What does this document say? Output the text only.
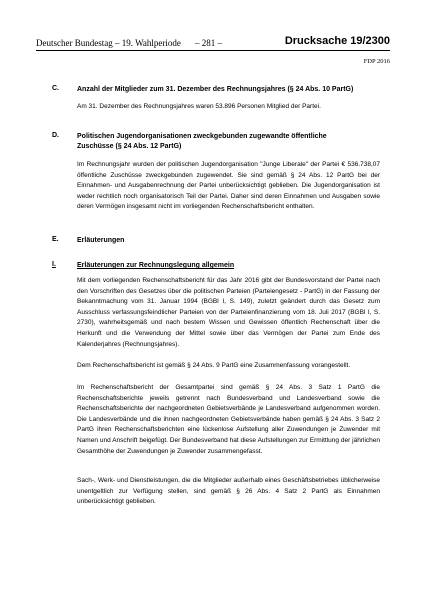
Deutscher Bundestag – 19. Wahlperiode – 281 –	Drucksache 19/2300
FDP 2016
C.	Anzahl der Mitglieder zum 31. Dezember des Rechnungsjahres (§ 24 Abs. 10 PartG)
Am 31. Dezember des Rechnungsjahres waren 53.896 Personen Mitglied der Partei.
D.	Politischen Jugendorganisationen zweckgebunden zugewandte öffentliche Zuschüsse (§ 24 Abs. 12 PartG)
Im Rechnungsjahr wurden der politischen Jugendorganisation "Junge Liberale" der Partei € 536.738,07 öffentliche Zuschüsse zweckgebunden zugewendet. Sie sind gemäß § 24 Abs. 12 PartG bei der Einnahmen- und Ausgabenrechnung der Partei unberücksichtigt geblieben. Die Jugendorganisation ist weder rechtlich noch organisatorisch Teil der Partei. Daher sind deren Einnahmen und Ausgaben sowie deren Vermögen insgesamt nicht im vorliegenden Rechenschaftsbericht enthalten.
E.	Erläuterungen
I.	Erläuterungen zur Rechnungslegung allgemein
Mit dem vorliegenden Rechenschaftsbericht für das Jahr 2016 gibt der Bundesvorstand der Partei nach den Vorschriften des Gesetzes über die politischen Parteien (Parteiengesetz - PartG) in der Fassung der Bekanntmachung vom 31. Januar 1994 (BGBl I, S. 149), zuletzt geändert durch das Gesetz zum Ausschluss verfassungsfeindlicher Parteien von der Parteienfinanzierung vom 18. Juli 2017 (BGBl I, S. 2730), wahrheitsgemäß und nach bestem Wissen und Gewissen öffentlich Rechenschaft über die Herkunft und die Verwendung der Mittel sowie über das Vermögen der Partei zum Ende des Kalenderjahres (Rechnungsjahres).
Dem Rechenschaftsbericht ist gemäß § 24 Abs. 9 PartG eine Zusammenfassung vorangestellt.
Im Rechenschaftsbericht der Gesamtpartei sind gemäß § 24 Abs. 3 Satz 1 PartG die Rechenschaftsberichte jeweils getrennt nach Bundesverband und Landesverband sowie die Rechenschaftsberichte der nachgeordneten Gebietsverbände je Landesverband aufgenommen worden. Die Landesverbände und die ihnen nachgeordneten Gebietsverbände haben gemäß § 24 Abs. 3 Satz 2 PartG ihren Rechenschaftsberichten eine lückenlose Aufstellung aller Zuwendungen je Zuwender mit Namen und Anschrift beigefügt. Der Bundesverband hat diese Aufstellungen zur Ermittlung der jährlichen Gesamthöhe der Zuwendungen je Zuwender zusammengefasst.
Sach-, Werk- und Dienstleistungen, die die Mitglieder außerhalb eines Geschäftsbetriebes üblicherweise unentgeltlich zur Verfügung stellen, sind gemäß § 26 Abs. 4 Satz 2 PartG als Einnahmen unberücksichtigt geblieben.
